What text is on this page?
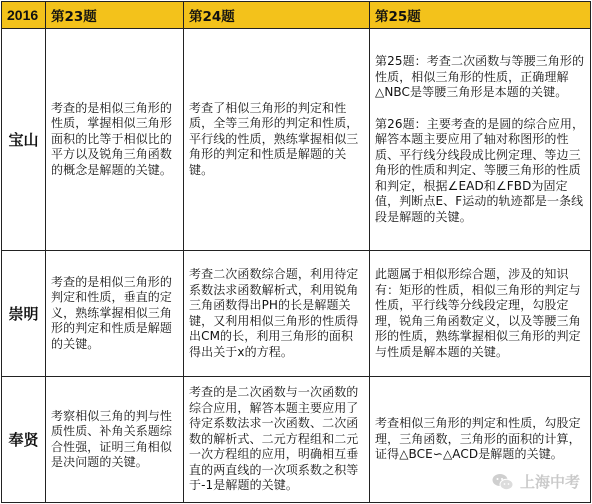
2016	第23题	第24题	第25题
宝山	考查的是相似三角形的性质，掌握相似三角形面积的比等于相似比的平方以及锐角三角函数的概念是解题的关键。	考查了相似三角形的判定和性质，全等三角形的判定和性质，平行线的性质，熟练掌握相似三角形的判定和性质是解题的关键。	第25题：考查二次函数与等腰三角形的性质，相似三角形的性质，正确理解△NBC是等腰三角形是本题的关键。

第26题：主要考查的是圆的综合应用，解答本题主要应用了轴对称图形的性质、平行线分线段成比例定理、等边三角形的性质和判定、等腰三角形的性质和判定，根据∠EAD和∠FBD为固定值，判断点E、F运动的轨迹都是一条线段是解题的关键。

崇明	考查的是相似三角形的判定和性质，垂直的定义，熟练掌握相似三角形的判定和性质是解题的关键。	考查二次函数综合题，利用待定系数法求函数解析式，利用锐角三角函数得出PH的长是解题关键，又利用相似三角形的性质得出CM的长，利用三角形的面积得出关于x的方程。	此题属于相似形综合题，涉及的知识有：矩形的性质，相似三角形的判定与性质，平行线等分线段定理，勾股定理，锐角三角函数定义，以及等腰三角形的性质，熟练掌握相似三角形的判定与性质是解本题的关键。
奉贤	考察相似三角的判与性质性质、补角关系题综合性强，证明三角相似是决问题的关键。	考查的是二次函数与一次函数的综合应用，解答本题主要应用了待定系数法求一次函数、二次函数的解析式、二元方程组和二元一次方程组的应用，明确相互垂直的两直线的一次项系数之积等于-1是解题的关键。	考查相似三角形的判定和性质，勾股定理，三角函数，三角形的面积的计算，证得△BCE∽△ACD是解题的关键。
上海中考
